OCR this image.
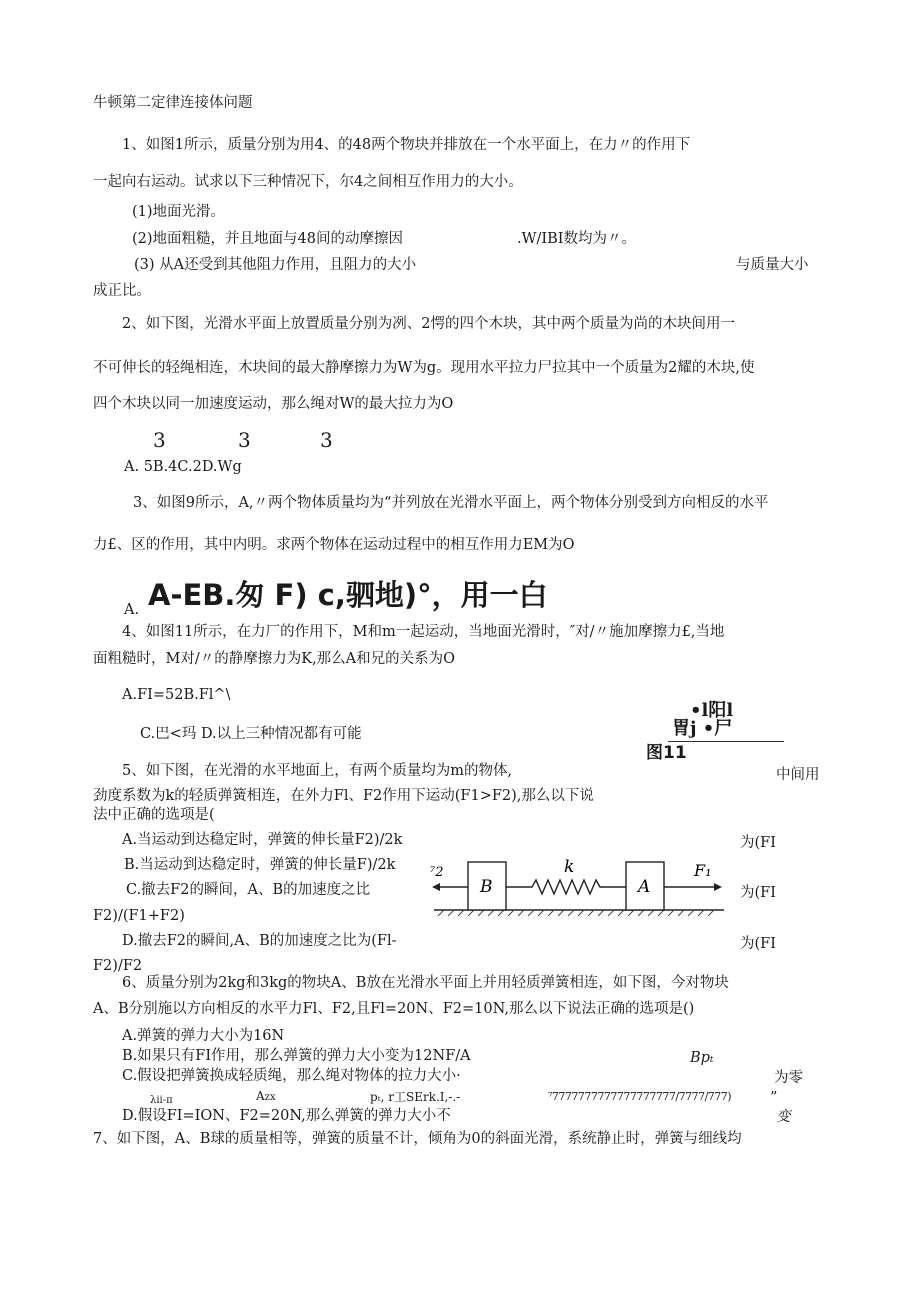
牛顿第二定律连接体问题
1、如图1所示，质量分别为用4、的48两个物块并排放在一个水平面上，在力〃的作用下
一起向右运动。试求以下三种情况下，尔4之间相互作用力的大小。
(1)地面光滑。
(2)地面粗糙，并且地面与48间的动摩擦因	.W/IBI数均为〃。
(3) 从A还受到其他阻力作用，且阻力的大小	与质量大小
成正比。
2、如下图，光滑水平面上放置质量分别为冽、2愕的四个木块，其中两个质量为尚的木块间用一
不可伸长的轻绳相连，木块间的最大静摩擦力为W为g。现用水平拉力尸拉其中一个质量为2耀的木块,使
四个木块以同一加速度运动，那么绳对W的最大拉力为O
3	3	3
A. 5B.4C.2D.Wg
3、如图9所示，A,〃两个物体质量均为“并列放在光滑水平面上，两个物体分别受到方向相反的水平
力£、区的作用，其中内明。求两个物体在运动过程中的相互作用力EM为O
A. A-EB.匆 F) c,驷地)°，用一白
4、如图11所示，在力厂的作用下，M和m一起运动，当地面光滑时，″对/〃施加摩擦力£,当地
面粗糙时，M对/〃的静摩擦力为K,那么A和兄的关系为O
A.FI=52B.Fl^\
C.巴<玛 D.以上三种情况都有可能
•l阳l
胃j •尸
图11
5、如下图，在光滑的水平地面上，有两个质量均为m的物体,	中间用
劲度系数为k的轻质弹簧相连，在外力Fl、F2作用下运动(F1>F2),那么以下说
法中正确的选项是(
A.当运动到达稳定时，弹簧的伸长量F2)/2k	为(FI
B.当运动到达稳定时，弹簧的伸长量F)/2k
C.撤去F2的瞬间，A、B的加速度之比	为(FI
F2)/(F1+F2)
D.撤去F2的瞬间,A、B的加速度之比为(Fl-	为(FI
F2)/F2
⁷2
B
k
A
F₁
6、质量分别为2kg和3kg的物块A、B放在光滑水平面上并用轻质弹簧相连，如下图，今对物块
A、B分别施以方向相反的水平力Fl、F2,且Fl=20N、F2=10N,那么以下说法正确的选项是()
A.弹簧的弹力大小为16N
B.如果只有FI作用，那么弹簧的弹力大小变为12NF/A	Bpₜ
C.假设把弹簧换成轻质绳，那么绳对物体的拉力大小·	为零
λii-π	Azx	pₜ, r工SErk.I,-.-	⁷7777777777777777777/7777/777)	”
D.假设FI=ION、F2=20N,那么弹簧的弹力大小不	变
7、如下图，A、B球的质量相等，弹簧的质量不计，倾角为0的斜面光滑，系统静止时，弹簧与细线均
